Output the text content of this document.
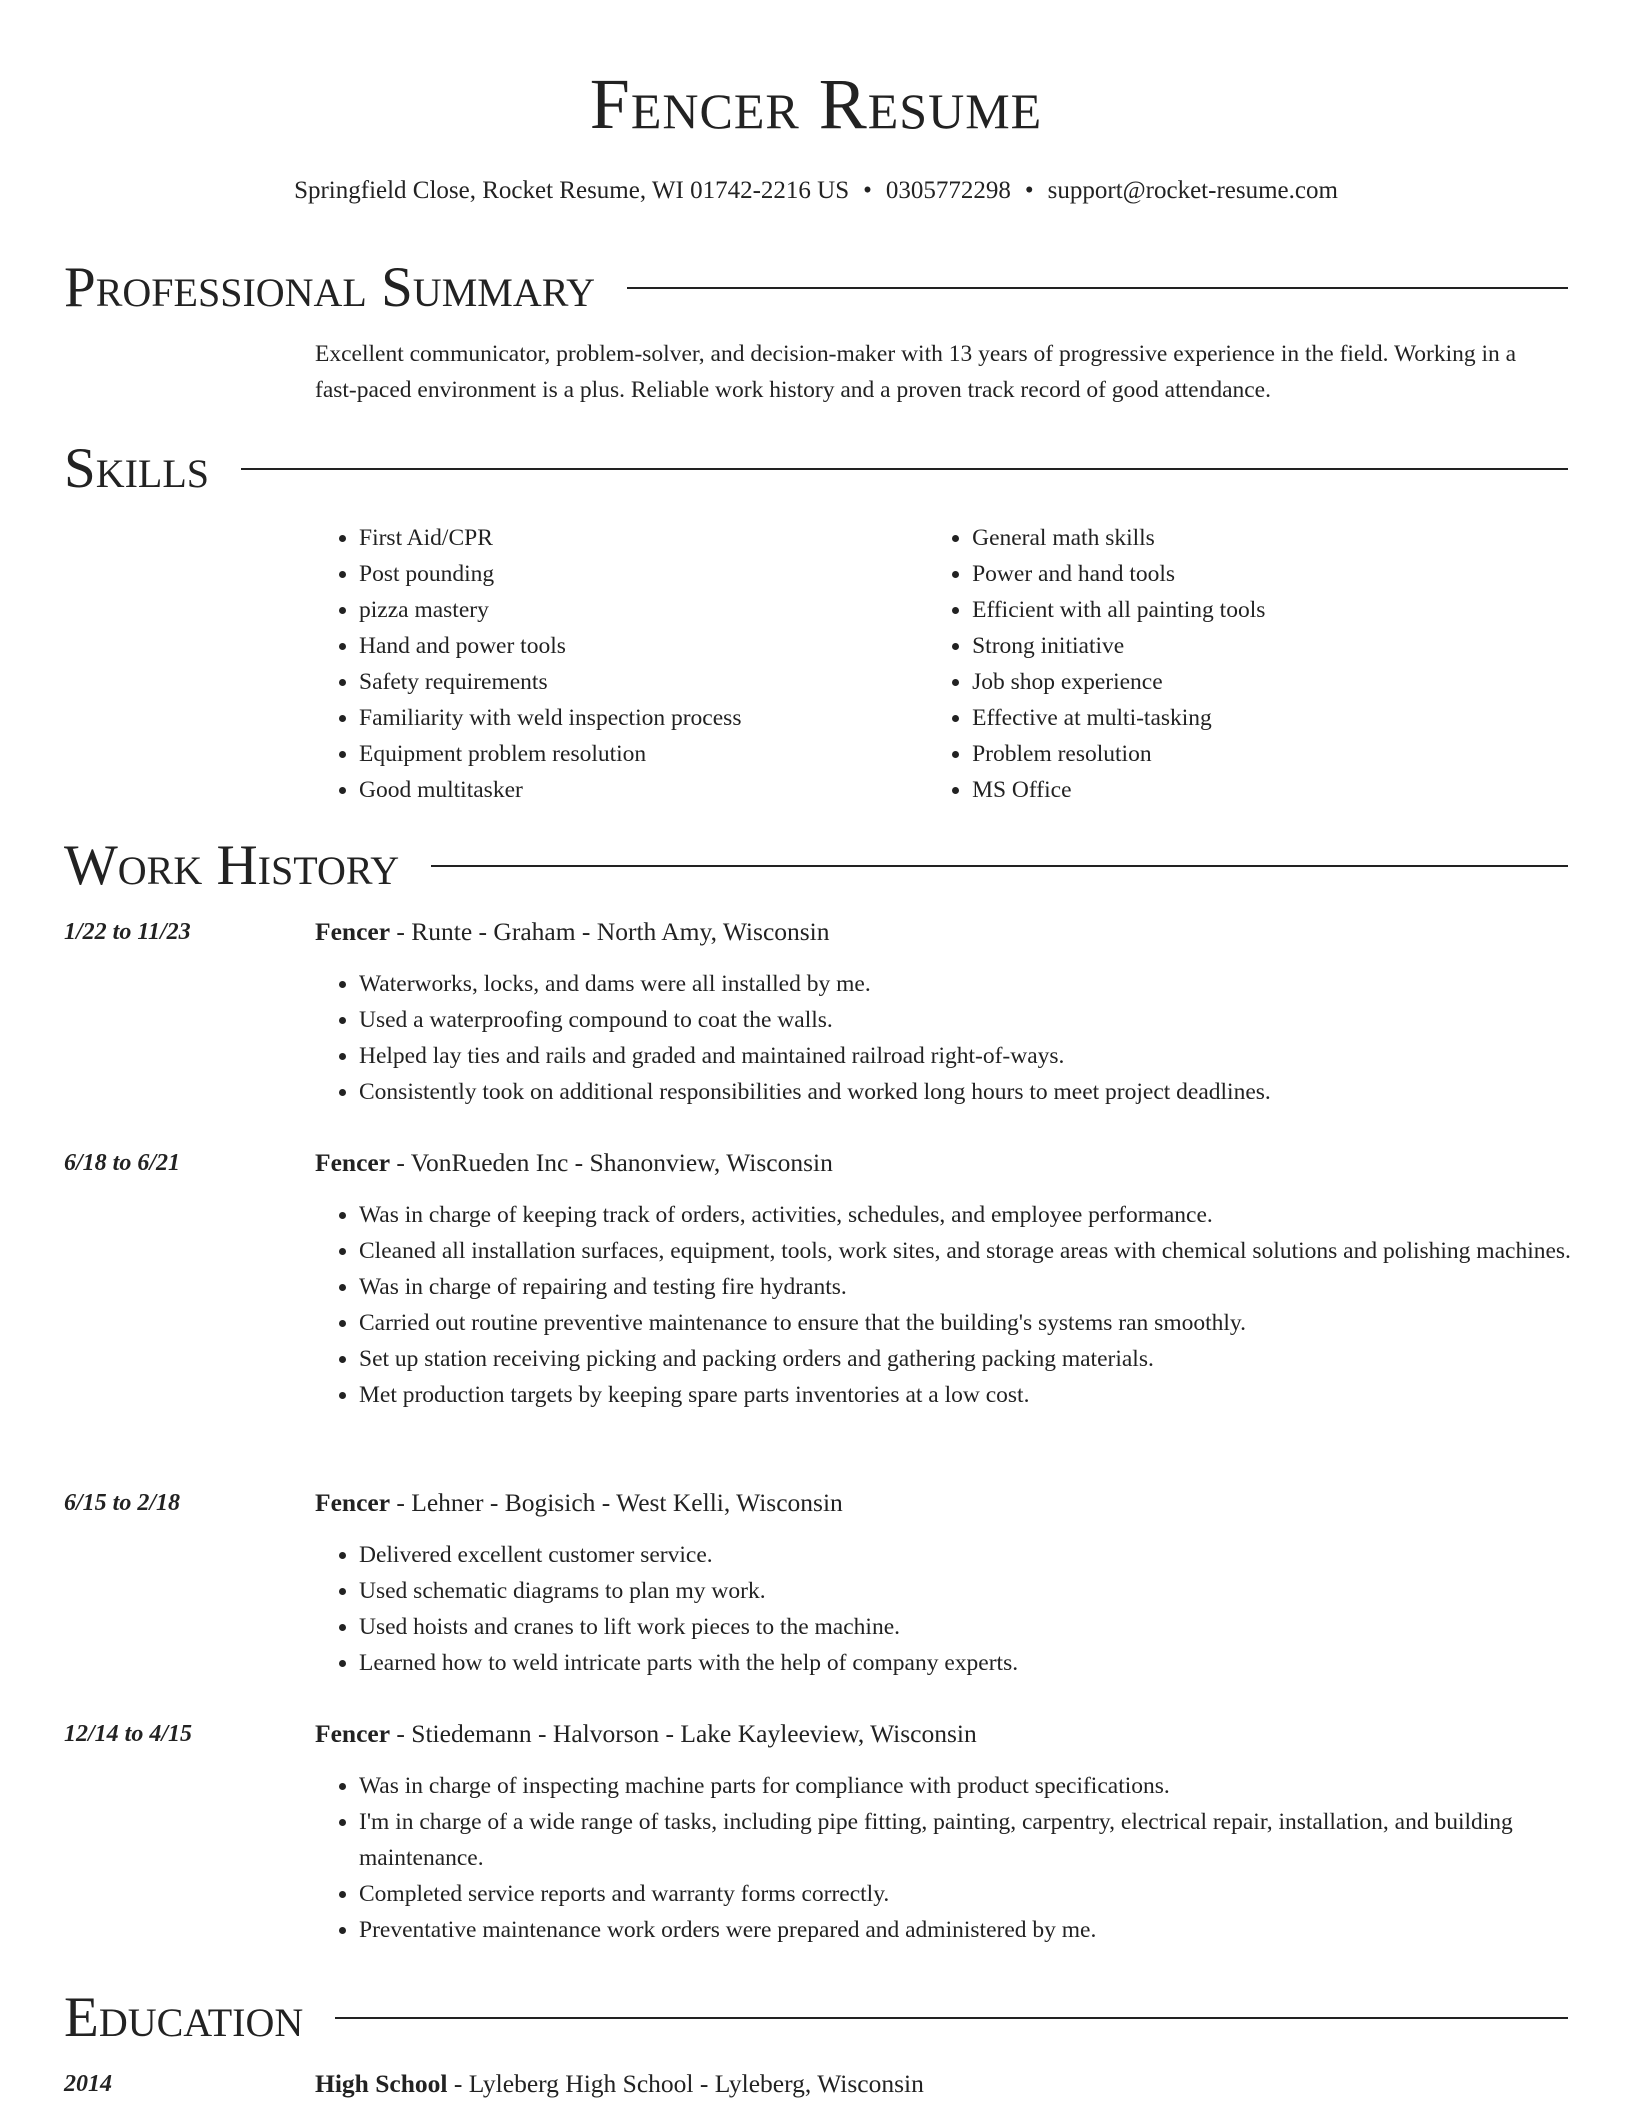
Fencer Resume
Springfield Close, Rocket Resume, WI 01742-2216 US • 0305772298 • support@rocket-resume.com
Professional Summary
Excellent communicator, problem-solver, and decision-maker with 13 years of progressive experience in the field. Working in a fast-paced environment is a plus. Reliable work history and a proven track record of good attendance.
Skills
• First Aid/CPR
• Post pounding
• pizza mastery
• Hand and power tools
• Safety requirements
• Familiarity with weld inspection process
• Equipment problem resolution
• Good multitasker
• General math skills
• Power and hand tools
• Efficient with all painting tools
• Strong initiative
• Job shop experience
• Effective at multi-tasking
• Problem resolution
• MS Office
Work History
1/22 to 11/23	Fencer - Runte - Graham - North Amy, Wisconsin
• Waterworks, locks, and dams were all installed by me.
• Used a waterproofing compound to coat the walls.
• Helped lay ties and rails and graded and maintained railroad right-of-ways.
• Consistently took on additional responsibilities and worked long hours to meet project deadlines.
6/18 to 6/21	Fencer - VonRueden Inc - Shanonview, Wisconsin
• Was in charge of keeping track of orders, activities, schedules, and employee performance.
• Cleaned all installation surfaces, equipment, tools, work sites, and storage areas with chemical solutions and polishing machines.
• Was in charge of repairing and testing fire hydrants.
• Carried out routine preventive maintenance to ensure that the building's systems ran smoothly.
• Set up station receiving picking and packing orders and gathering packing materials.
• Met production targets by keeping spare parts inventories at a low cost.
6/15 to 2/18	Fencer - Lehner - Bogisich - West Kelli, Wisconsin
• Delivered excellent customer service.
• Used schematic diagrams to plan my work.
• Used hoists and cranes to lift work pieces to the machine.
• Learned how to weld intricate parts with the help of company experts.
12/14 to 4/15	Fencer - Stiedemann - Halvorson - Lake Kayleeview, Wisconsin
• Was in charge of inspecting machine parts for compliance with product specifications.
• I'm in charge of a wide range of tasks, including pipe fitting, painting, carpentry, electrical repair, installation, and building maintenance.
• Completed service reports and warranty forms correctly.
• Preventative maintenance work orders were prepared and administered by me.
Education
2014	High School - Lyleberg High School - Lyleberg, Wisconsin
